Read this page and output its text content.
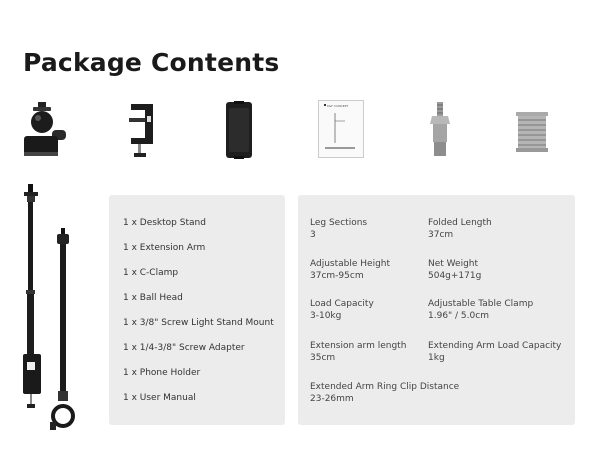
Package Contents
K&F CONCEPT
1 x Desktop Stand
1 x Extension Arm
1 x C-Clamp
1 x Ball Head
1 x 3/8" Screw Light Stand Mount
1 x 1/4-3/8" Screw Adapter
1 x Phone Holder
1 x User Manual
Leg Sections
3
Folded Length
37cm
Adjustable Height
37cm-95cm
Net Weight
504g+171g
Load Capacity
3-10kg
Adjustable Table Clamp
1.96" / 5.0cm
Extension arm length
35cm
Extending Arm Load Capacity
1kg
Extended Arm Ring Clip Distance
23-26mm
